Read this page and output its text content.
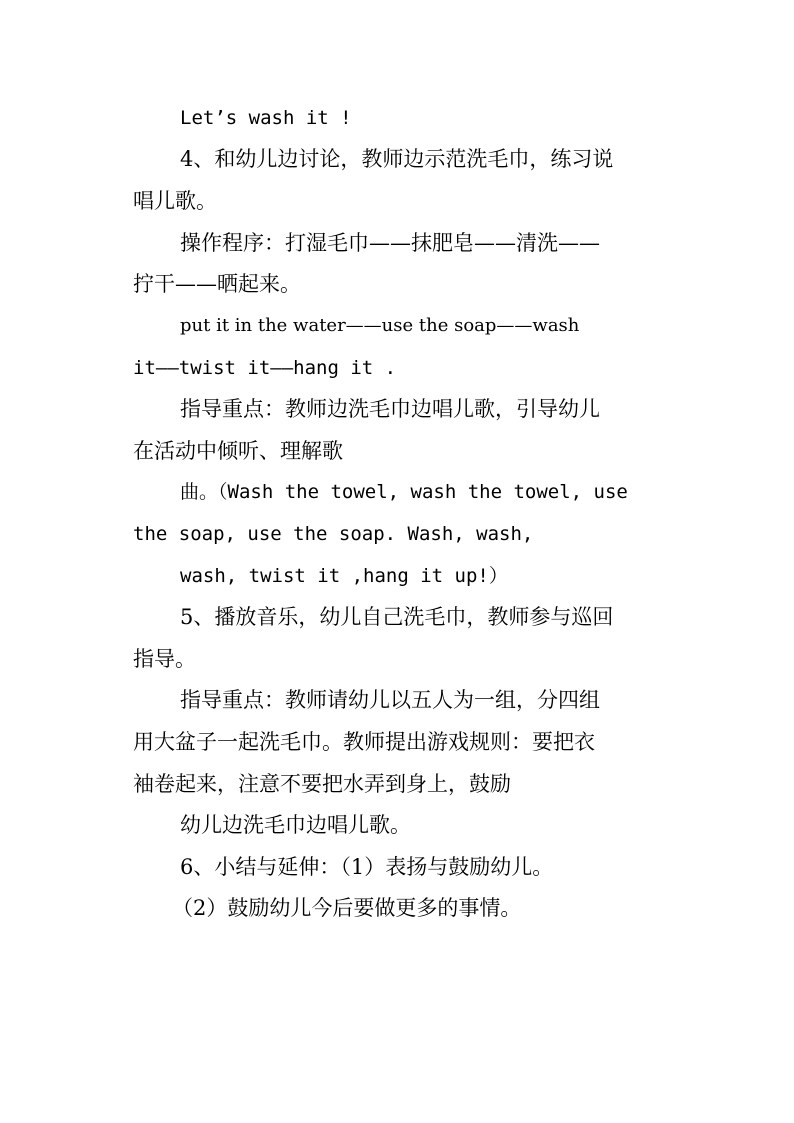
Let’s wash it !
4、和幼儿边讨论，教师边示范洗毛巾，练习说
唱儿歌。
操作程序：打湿毛巾——抹肥皂——清洗——
拧干——晒起来。
put it in the water——use the soap——wash
it——twist it——hang it .
指导重点：教师边洗毛巾边唱儿歌，引导幼儿
在活动中倾听、理解歌
曲。（Wash the towel, wash the towel, use
the soap, use the soap. Wash, wash,
wash, twist it ,hang it up!）
5、播放音乐，幼儿自己洗毛巾，教师参与巡回
指导。
指导重点：教师请幼儿以五人为一组，分四组
用大盆子一起洗毛巾。教师提出游戏规则：要把衣
袖卷起来，注意不要把水弄到身上，鼓励
幼儿边洗毛巾边唱儿歌。
6、小结与延伸：（1）表扬与鼓励幼儿。
（2）鼓励幼儿今后要做更多的事情。
